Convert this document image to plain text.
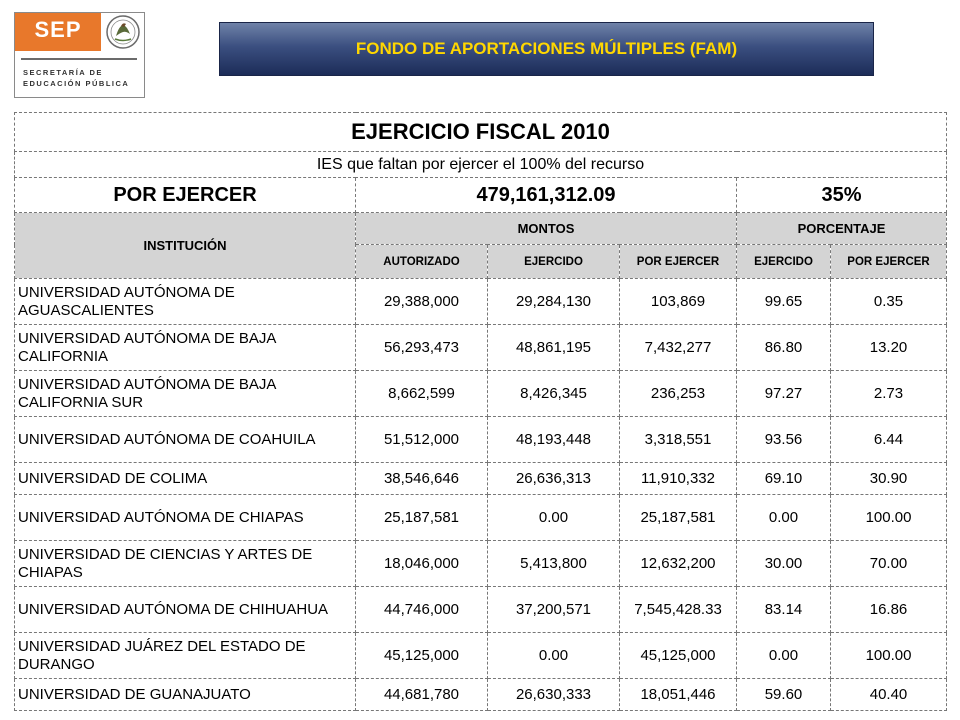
SEP
SECRETARÍA DE
EDUCACIÓN PÚBLICA
FONDO DE APORTACIONES MÚLTIPLES (FAM)
EJERCICIO FISCAL 2010					
IES que faltan por ejercer el 100% del recurso					
POR EJERCER	479,161,312.09			35%	
INSTITUCIÓN	MONTOS			PORCENTAJE	
	AUTORIZADO	EJERCIDO	POR EJERCER	EJERCIDO	POR EJERCER
UNIVERSIDAD AUTÓNOMA DE AGUASCALIENTES	29,388,000	29,284,130	103,869	99.65	0.35
UNIVERSIDAD AUTÓNOMA DE BAJA CALIFORNIA	56,293,473	48,861,195	7,432,277	86.80	13.20
UNIVERSIDAD AUTÓNOMA DE BAJA CALIFORNIA SUR	8,662,599	8,426,345	236,253	97.27	2.73
UNIVERSIDAD AUTÓNOMA DE COAHUILA	51,512,000	48,193,448	3,318,551	93.56	6.44
UNIVERSIDAD DE COLIMA	38,546,646	26,636,313	11,910,332	69.10	30.90
UNIVERSIDAD AUTÓNOMA DE CHIAPAS	25,187,581	0.00	25,187,581	0.00	100.00
UNIVERSIDAD DE CIENCIAS Y ARTES DE CHIAPAS	18,046,000	5,413,800	12,632,200	30.00	70.00
UNIVERSIDAD AUTÓNOMA DE CHIHUAHUA	44,746,000	37,200,571	7,545,428.33	83.14	16.86
UNIVERSIDAD JUÁREZ DEL ESTADO DE DURANGO	45,125,000	0.00	45,125,000	0.00	100.00
UNIVERSIDAD DE GUANAJUATO	44,681,780	26,630,333	18,051,446	59.60	40.40
